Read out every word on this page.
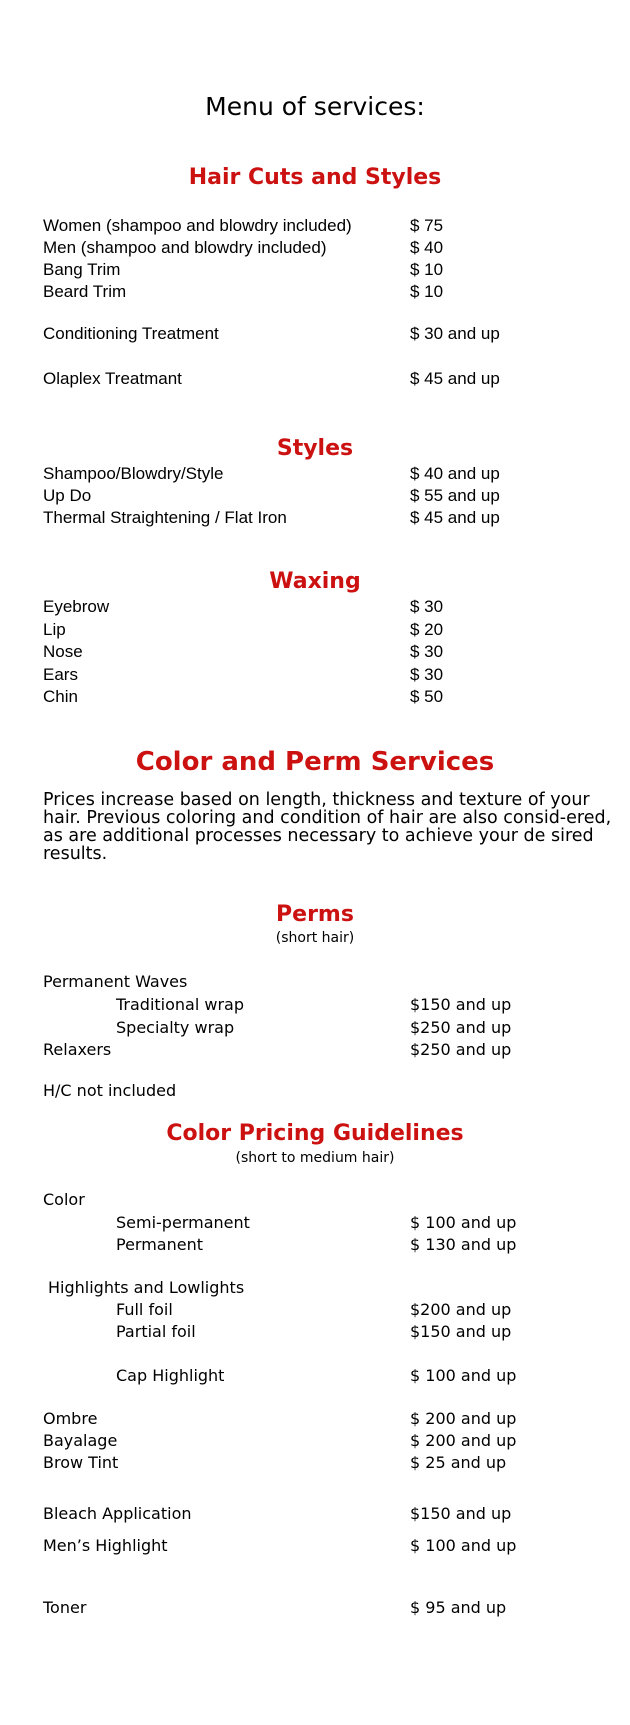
Menu of services:
Hair Cuts and Styles
Women (shampoo and blowdry included)	$ 75
Men (shampoo and blowdry included)	$ 40
Bang Trim	$ 10
Beard Trim	$ 10
Conditioning Treatment	$ 30 and up
Olaplex Treatmant	$ 45 and up
Styles
Shampoo/Blowdry/Style	$ 40 and up
Up Do	$ 55 and up
Thermal Straightening / Flat Iron	$ 45 and up
Waxing
Eyebrow	$ 30
Lip	$ 20
Nose	$ 30
Ears	$ 30
Chin	$ 50
Color and Perm Services
Prices increase based on length, thickness and texture of your hair. Previous coloring and condition of hair are also consid-ered, as are additional processes necessary to achieve your de sired results.
Perms
(short hair)
Permanent Waves
Traditional wrap	$150 and up
Specialty wrap	$250 and up
Relaxers	$250 and up
H/C not included
Color Pricing Guidelines
(short to medium hair)
Color
Semi-permanent	$ 100 and up
Permanent	$ 130 and up
Highlights and Lowlights
Full foil	$200 and up
Partial foil	$150 and up
Cap Highlight	$ 100 and up
Ombre	$ 200 and up
Bayalage	$ 200 and up
Brow Tint	$ 25 and up
Bleach Application	$150 and up
Men’s Highlight	$ 100 and up
Toner	$ 95 and up
